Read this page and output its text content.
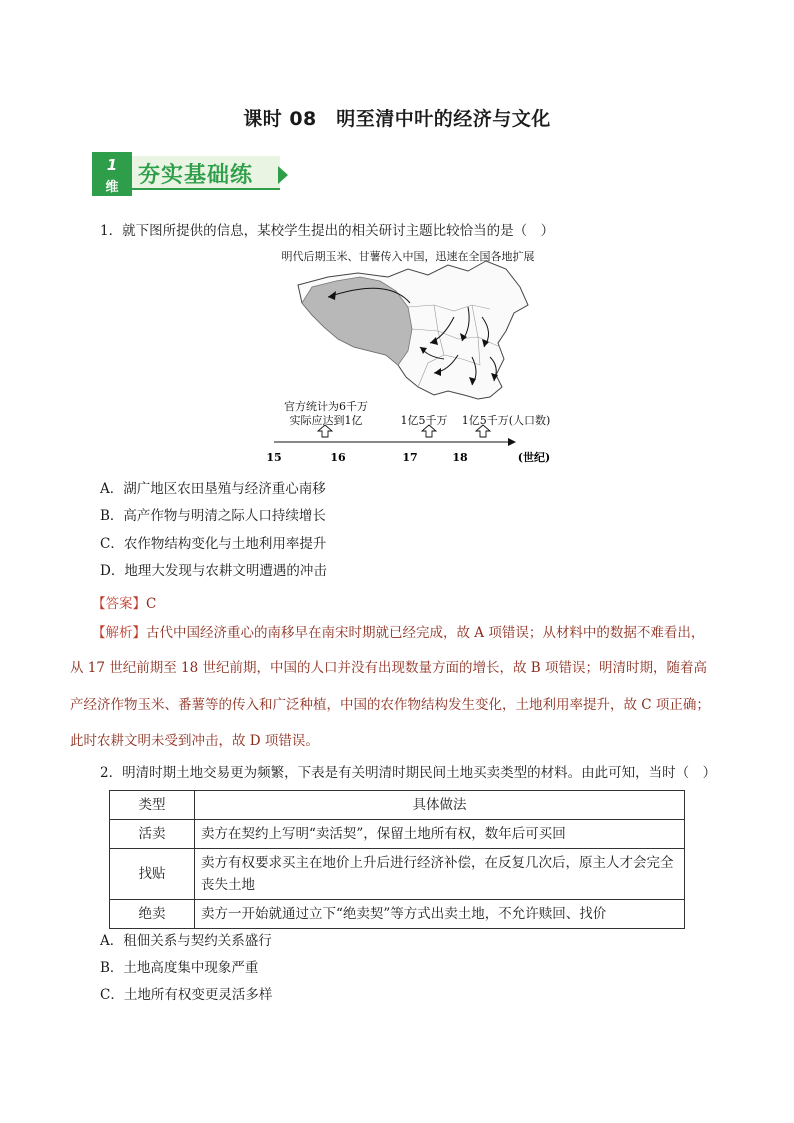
课时 08　明至清中叶的经济与文化
1
维 夯实基础练
1．就下图所提供的信息，某校学生提出的相关研讨主题比较恰当的是（　）
明代后期玉米、甘薯传入中国，迅速在全国各地扩展
官方统计为6千万
实际应达到1亿	1亿5千万 1亿5千万(人口数)
15	16	17	18	(世纪)
A．湖广地区农田垦殖与经济重心南移
B．高产作物与明清之际人口持续增长
C．农作物结构变化与土地利用率提升
D．地理大发现与农耕文明遭遇的冲击
【答案】C
【解析】古代中国经济重心的南移早在南宋时期就已经完成，故 A 项错误；从材料中的数据不难看出，
从 17 世纪前期至 18 世纪前期，中国的人口并没有出现数量方面的增长，故 B 项错误；明清时期，随着高
产经济作物玉米、番薯等的传入和广泛种植，中国的农作物结构发生变化，土地利用率提升，故 C 项正确；
此时农耕文明未受到冲击，故 D 项错误。
2．明清时期土地交易更为频繁，下表是有关明清时期民间土地买卖类型的材料。由此可知，当时（　）
类型	具体做法
活卖	卖方在契约上写明“卖活契”，保留土地所有权，数年后可买回
找贴	卖方有权要求买主在地价上升后进行经济补偿，在反复几次后，原主人才会完全丧失土地
绝卖	卖方一开始就通过立下“绝卖契”等方式出卖土地，不允许赎回、找价
A．租佃关系与契约关系盛行
B．土地高度集中现象严重
C．土地所有权变更灵活多样
